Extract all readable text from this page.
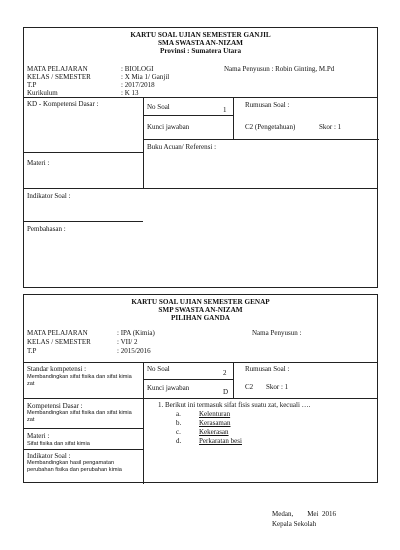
KARTU SOAL UJIAN SEMESTER GANJIL
SMA SWASTA AN-NIZAM
Provinsi : Sumatera Utara
MATA PELAJARAN	: BIOLOGI
KELAS / SEMESTER	: X Mia 1/ Ganjil
T.P	: 2017/2018
Kurikulum	: K 13
Nama Penyusun : Robin Ginting, M.Pd
KD - Kompetensi Dasar :	No Soal	1
Rumusan Soal :
Kunci jawaban	C2 (Pengetahuan)	Skor : 1
Buku Acuan/ Referensi :
Materi :
Indikator Soal :
Pembahasan :
KARTU SOAL UJIAN SEMESTER GENAP
SMP SWASTA AN-NIZAM
PILIHAN GANDA
MATA PELAJARAN	: IPA (Kimia)
KELAS / SEMESTER	: VII/ 2
T.P	: 2015/2016
Nama Penyusun :
Standar kompetensi :
Membandingkan sifat fisika dan sifat kimia zat
No Soal	2	Rumusan Soal :
Kunci jawaban	D
C2 Skor : 1
Kompetensi Dasar :
Membandingkan sifat fisika dan sifat kimia zat
1. Berikut ini termasuk sifat fisis suatu zat, kecuali ….
a.	Kelenturan
b.	Kerasaman
c.	Kekerasan
d.	Perkaratan besi
Materi :
Sifat fisika dan sifat kimia
Indikator Soal :
Membandingkan hasil pengamatan perubahan fisika dan perubahan kimia
Medan,        Mei  2016
Kepala Sekolah
